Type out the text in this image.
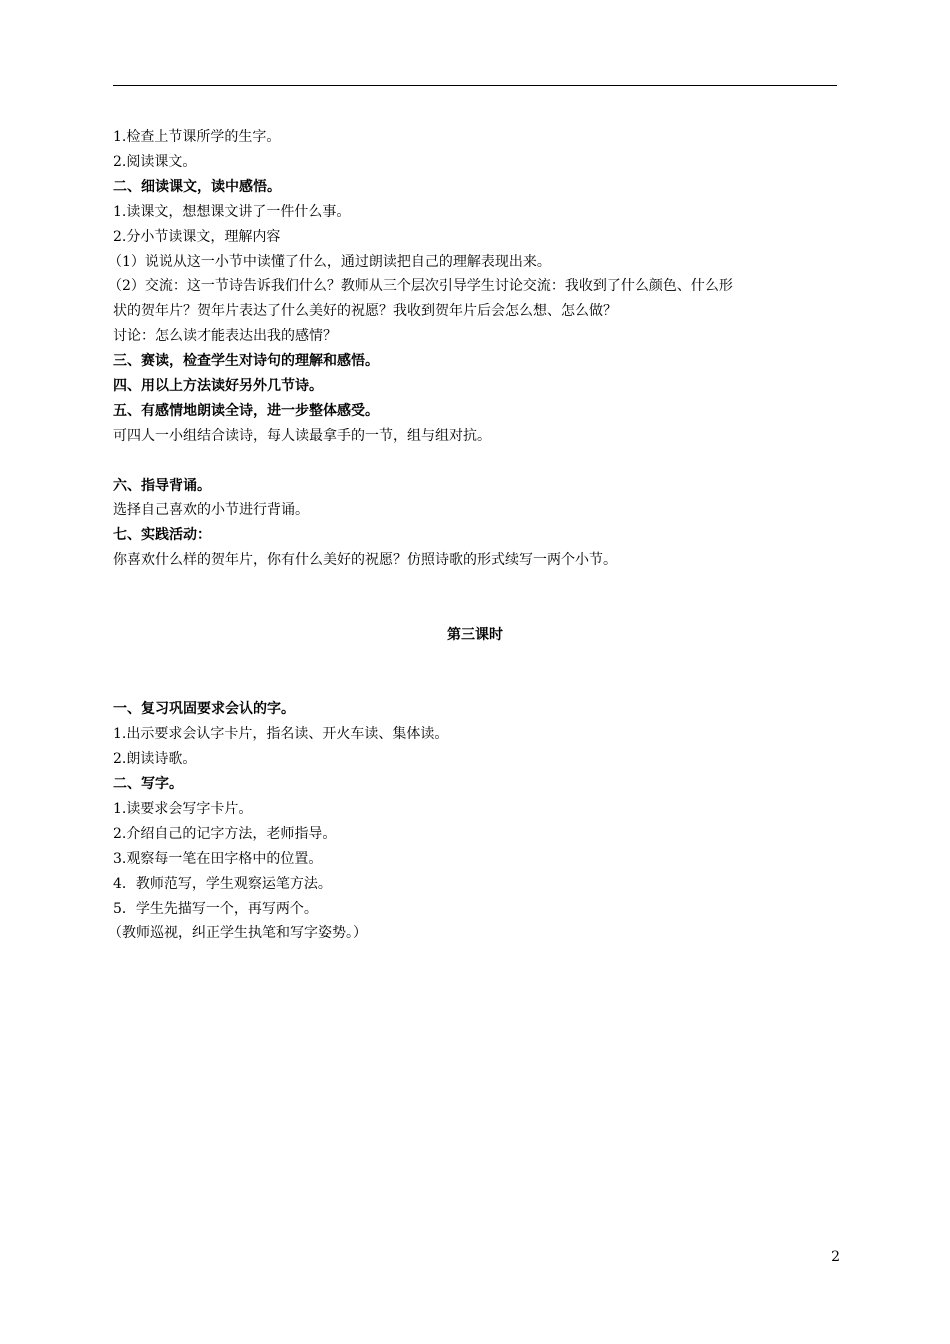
1.检查上节课所学的生字。
2.阅读课文。
二、细读课文，读中感悟。
1.读课文，想想课文讲了一件什么事。
2.分小节读课文，理解内容
（1）说说从这一小节中读懂了什么，通过朗读把自己的理解表现出来。
（2）交流：这一节诗告诉我们什么？教师从三个层次引导学生讨论交流：我收到了什么颜色、什么形
状的贺年片？贺年片表达了什么美好的祝愿？我收到贺年片后会怎么想、怎么做？
讨论：怎么读才能表达出我的感情？
三、赛读，检查学生对诗句的理解和感悟。
四、用以上方法读好另外几节诗。
五、有感情地朗读全诗，进一步整体感受。
可四人一小组结合读诗，每人读最拿手的一节，组与组对抗。
六、指导背诵。
选择自己喜欢的小节进行背诵。
七、实践活动：
你喜欢什么样的贺年片，你有什么美好的祝愿？仿照诗歌的形式续写一两个小节。
第三课时
一、复习巩固要求会认的字。
1.出示要求会认字卡片，指名读、开火车读、集体读。
2.朗读诗歌。
二、写字。
1.读要求会写字卡片。
2.介绍自己的记字方法，老师指导。
3.观察每一笔在田字格中的位置。
4．教师范写，学生观察运笔方法。
5．学生先描写一个，再写两个。
（教师巡视，纠正学生执笔和写字姿势。）
2
